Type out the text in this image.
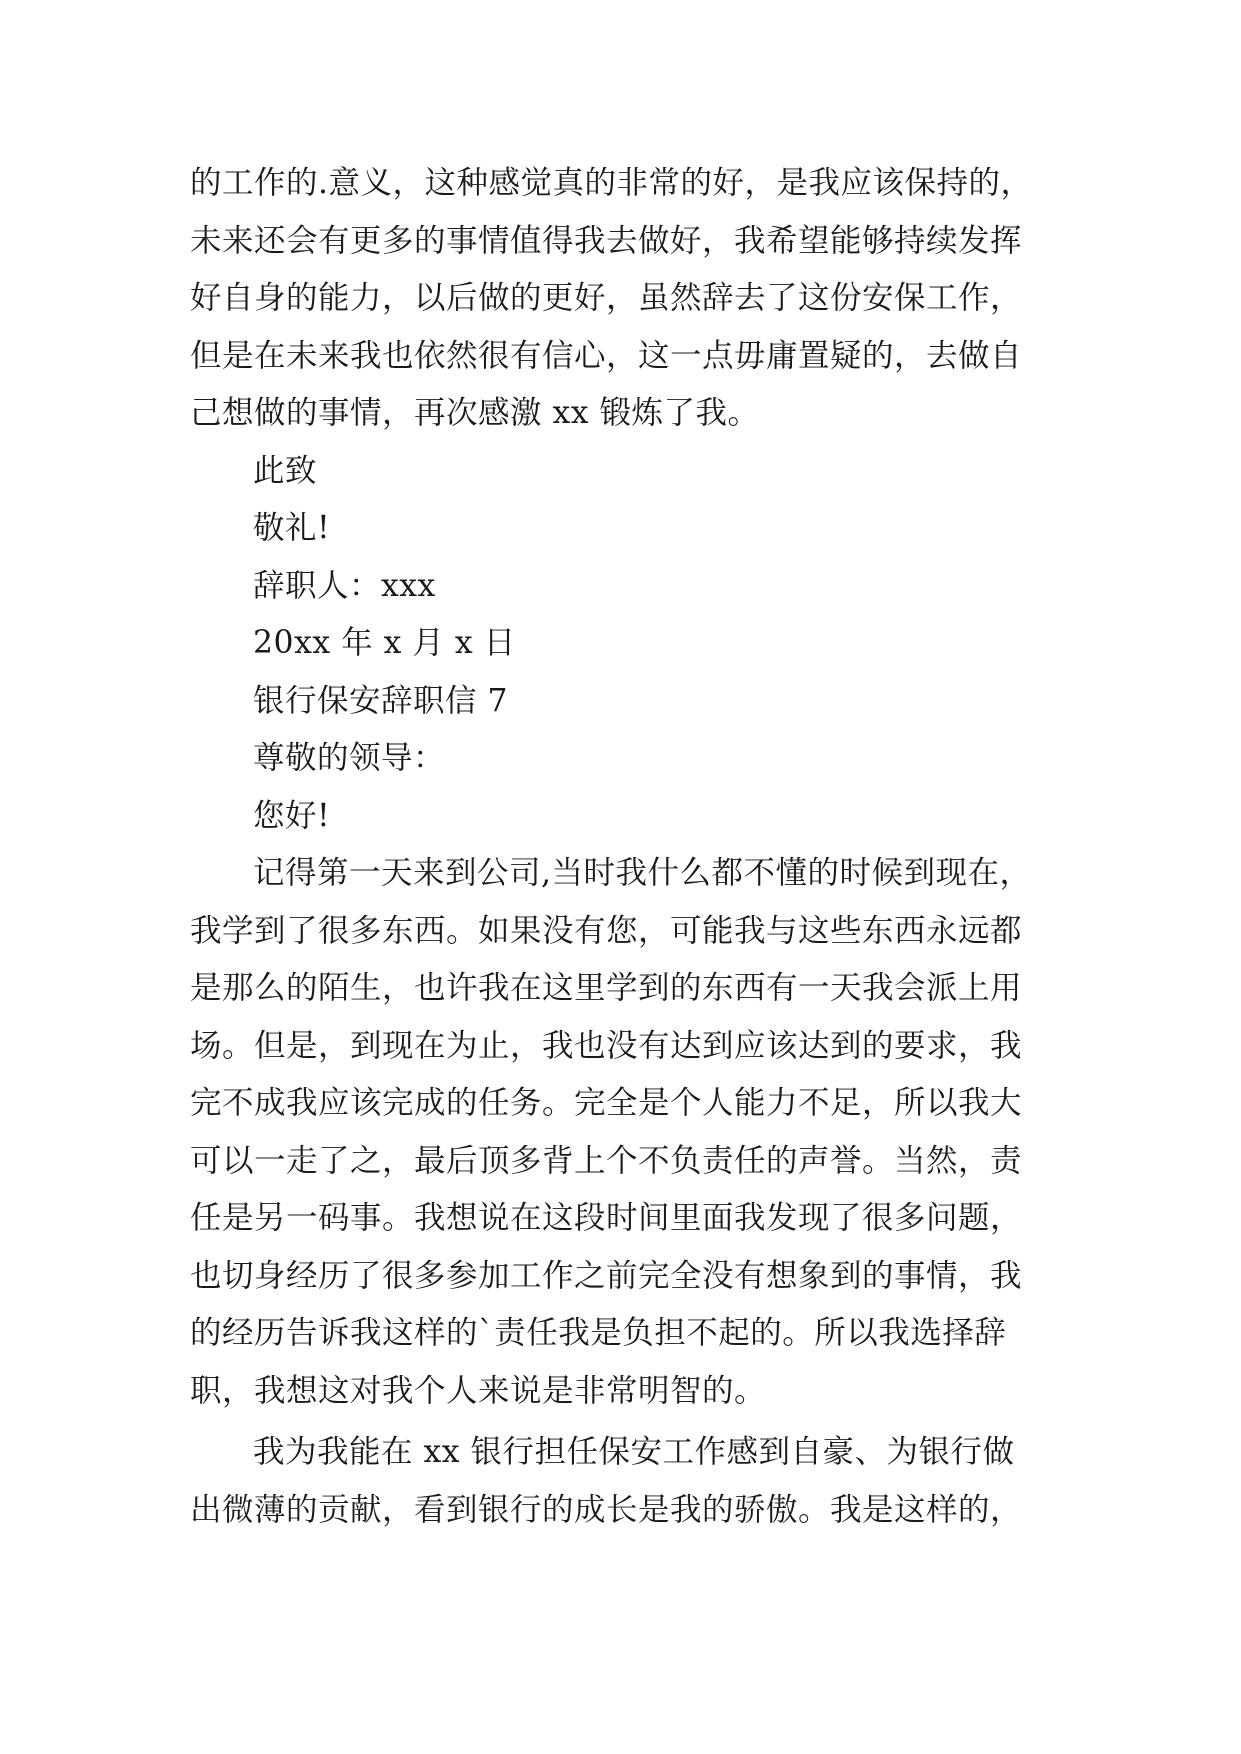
的工作的.意义，这种感觉真的非常的好，是我应该保持的，
未来还会有更多的事情值得我去做好，我希望能够持续发挥
好自身的能力，以后做的更好，虽然辞去了这份安保工作，
但是在未来我也依然很有信心，这一点毋庸置疑的，去做自
己想做的事情，再次感激 xx 锻炼了我。
此致
敬礼!
辞职人：xxx
20xx 年 x 月 x 日
银行保安辞职信 7
尊敬的领导：
您好!
记得第一天来到公司,当时我什么都不懂的时候到现在，
我学到了很多东西。如果没有您，可能我与这些东西永远都
是那么的陌生，也许我在这里学到的东西有一天我会派上用
场。但是，到现在为止，我也没有达到应该达到的要求，我
完不成我应该完成的任务。完全是个人能力不足，所以我大
可以一走了之，最后顶多背上个不负责任的声誉。当然，责
任是另一码事。我想说在这段时间里面我发现了很多问题，
也切身经历了很多参加工作之前完全没有想象到的事情，我
的经历告诉我这样的`责任我是负担不起的。所以我选择辞
职，我想这对我个人来说是非常明智的。
我为我能在 xx 银行担任保安工作感到自豪、为银行做
出微薄的贡献，看到银行的成长是我的骄傲。我是这样的，
